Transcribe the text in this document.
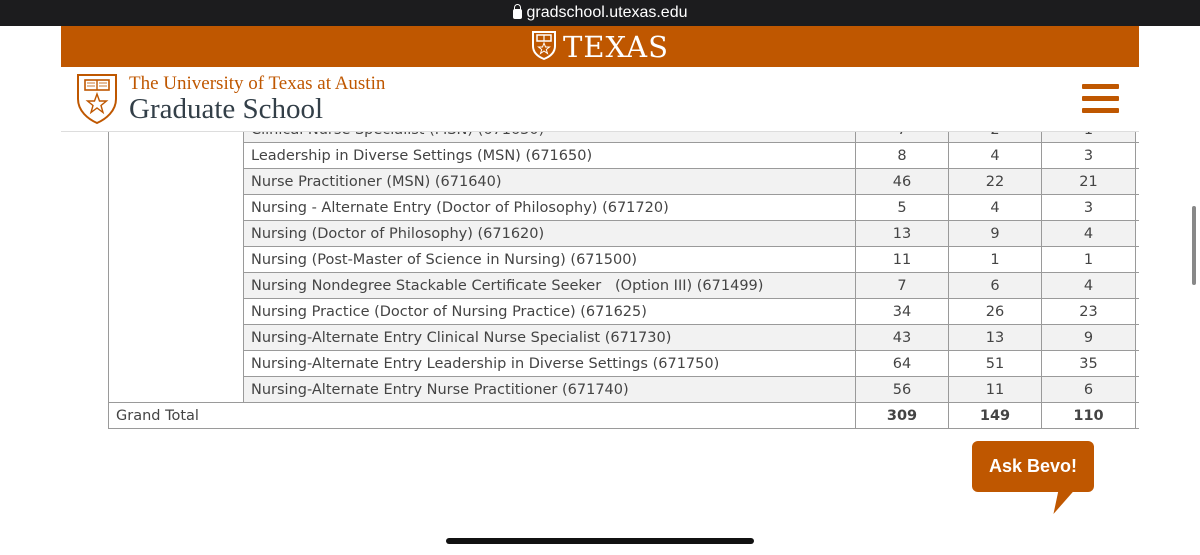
	Leadership in Diverse Settings (MSN) (671650)	8	4	3	
	Nurse Practitioner (MSN) (671640)	46	22	21	
	Nursing - Alternate Entry (Doctor of Philosophy) (671720)	5	4	3	
	Nursing (Doctor of Philosophy) (671620)	13	9	4	
	Nursing (Post-Master of Science in Nursing) (671500)	11	1	1	
	Nursing Nondegree Stackable Certificate Seeker   (Option III) (671499)	7	6	4	
	Nursing Practice (Doctor of Nursing Practice) (671625)	34	26	23	
	Nursing-Alternate Entry Clinical Nurse Specialist (671730)	43	13	9	
	Nursing-Alternate Entry Leadership in Diverse Settings (671750)	64	51	35	
	Nursing-Alternate Entry Nurse Practitioner (671740)	56	11	6	
Grand Total		309	149	110	
gradschool.utexas.edu
TEXAS
The University of Texas at Austin
Graduate School
Ask Bevo!
